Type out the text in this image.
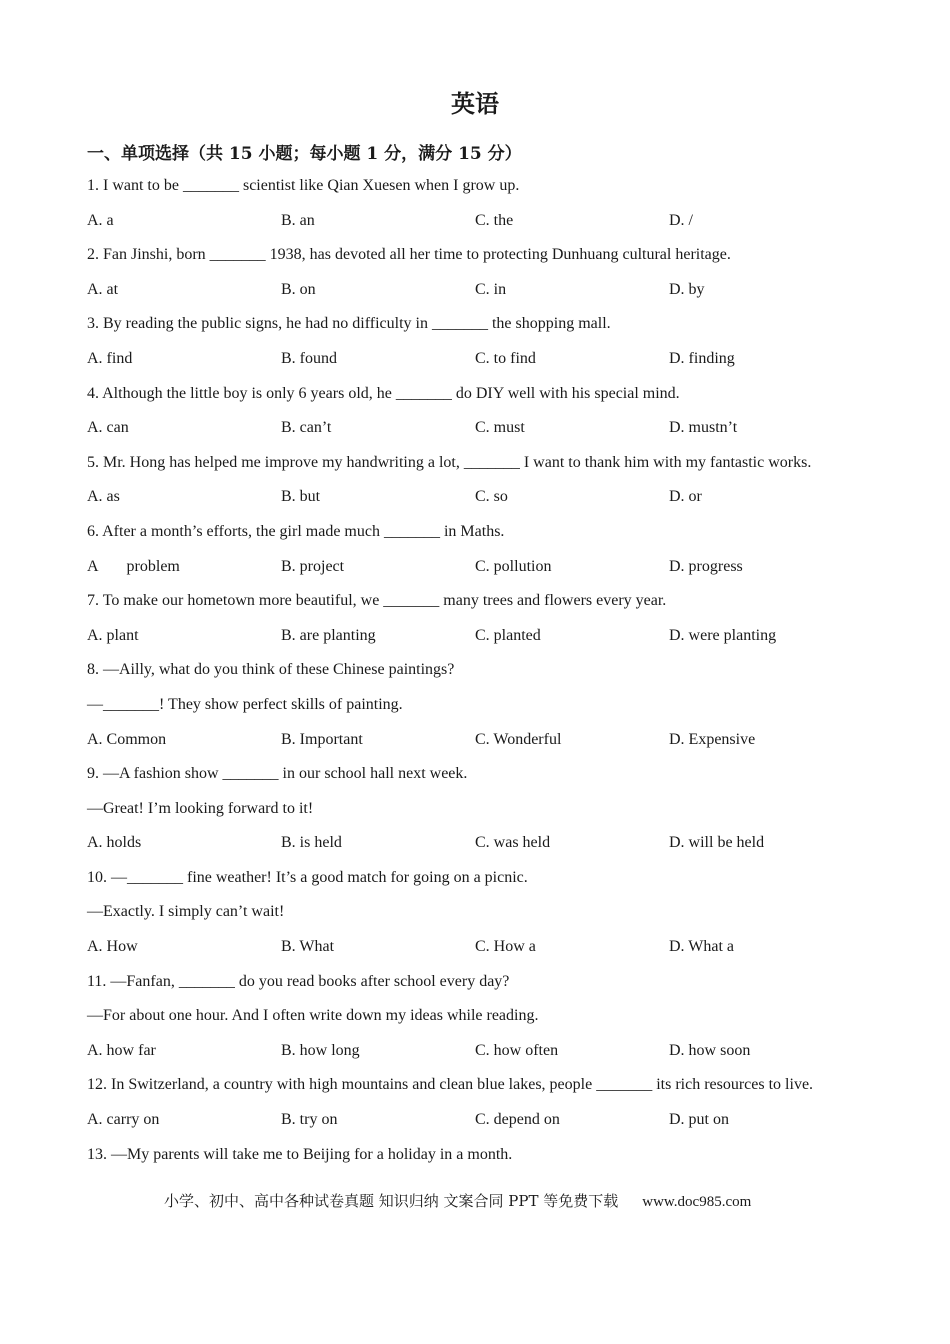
英语
一、单项选择（共 15 小题；每小题 1 分，满分 15 分）
1. I want to be _______ scientist like Qian Xuesen when I grow up.
A. a	B. an	C. the	D. /
2. Fan Jinshi, born _______ 1938, has devoted all her time to protecting Dunhuang cultural heritage.
A. at	B. on	C. in	D. by
3. By reading the public signs, he had no difficulty in _______ the shopping mall.
A. find	B. found	C. to find	D. finding
4. Although the little boy is only 6 years old, he _______ do DIY well with his special mind.
A. can	B. can’t	C. must	D. mustn’t
5. Mr. Hong has helped me improve my handwriting a lot, _______ I want to thank him with my fantastic works.
A. as	B. but	C. so	D. or
6. After a month’s efforts, the girl made much _______ in Maths.
A       problem	B. project	C. pollution	D. progress
7. To make our hometown more beautiful, we _______ many trees and flowers every year.
A. plant	B. are planting	C. planted	D. were planting
8. —Ailly, what do you think of these Chinese paintings?
—_______! They show perfect skills of painting.
A. Common	B. Important	C. Wonderful	D. Expensive
9. —A fashion show _______ in our school hall next week.
—Great! I’m looking forward to it!
A. holds	B. is held	C. was held	D. will be held
10. —_______ fine weather! It’s a good match for going on a picnic.
—Exactly. I simply can’t wait!
A. How	B. What	C. How a	D. What a
11. —Fanfan, _______ do you read books after school every day?
—For about one hour. And I often write down my ideas while reading.
A. how far	B. how long	C. how often	D. how soon
12. In Switzerland, a country with high mountains and clean blue lakes, people _______ its rich resources to live.
A. carry on	B. try on	C. depend on	D. put on
13. —My parents will take me to Beijing for a holiday in a month.
小学、初中、高中各种试卷真题 知识归纳 文案合同 PPT 等免费下载 www.doc985.com
